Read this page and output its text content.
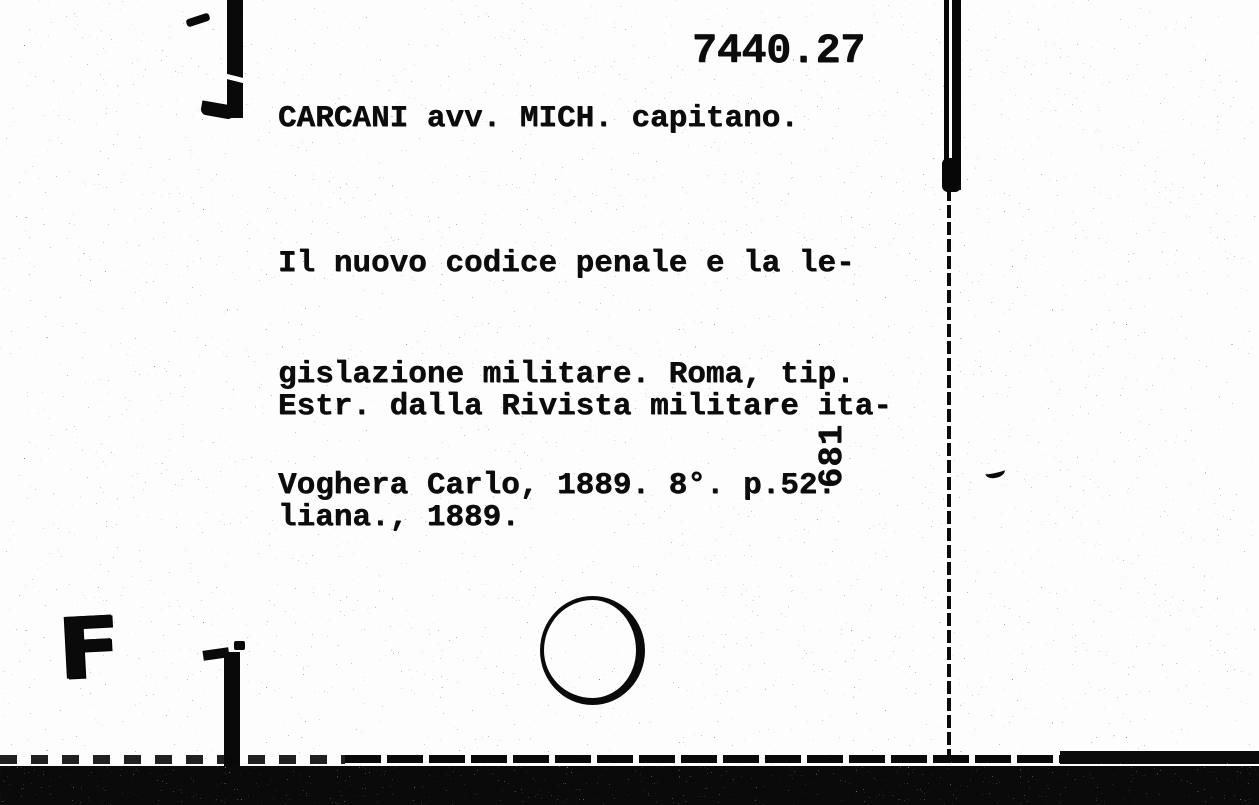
7440.27
CARCANI avv. MICH. capitano.

Il nuovo codice penale e la le-

gislazione militare. Roma, tip.

Voghera Carlo, 1889. 8°. p.52.

Estr. dalla Rivista militare ita-

liana., 1889.

681
F
